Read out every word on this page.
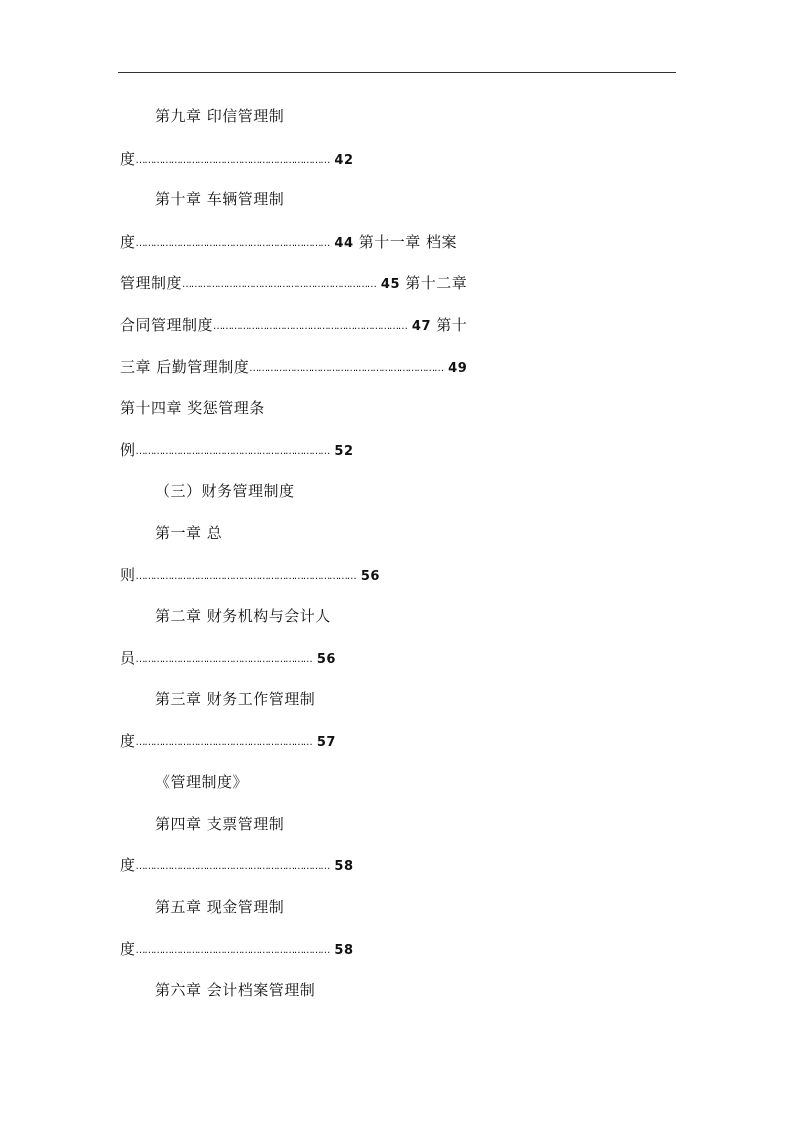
第九章 印信管理制
度………………………………………………………… 42
第十章 车辆管理制
度………………………………………………………… 44 第十一章 档案
管理制度………………………………………………………… 45 第十二章
合同管理制度………………………………………………………… 47 第十
三章 后勤管理制度………………………………………………………… 49
第十四章 奖惩管理条
例………………………………………………………… 52
（三）财务管理制度
第一章 总
则………………………………………………………………… 56
第二章 财务机构与会计人
员…………………………………………………… 56
第三章 财务工作管理制
度…………………………………………………… 57
《管理制度》
第四章 支票管理制
度………………………………………………………… 58
第五章 现金管理制
度………………………………………………………… 58
第六章 会计档案管理制
